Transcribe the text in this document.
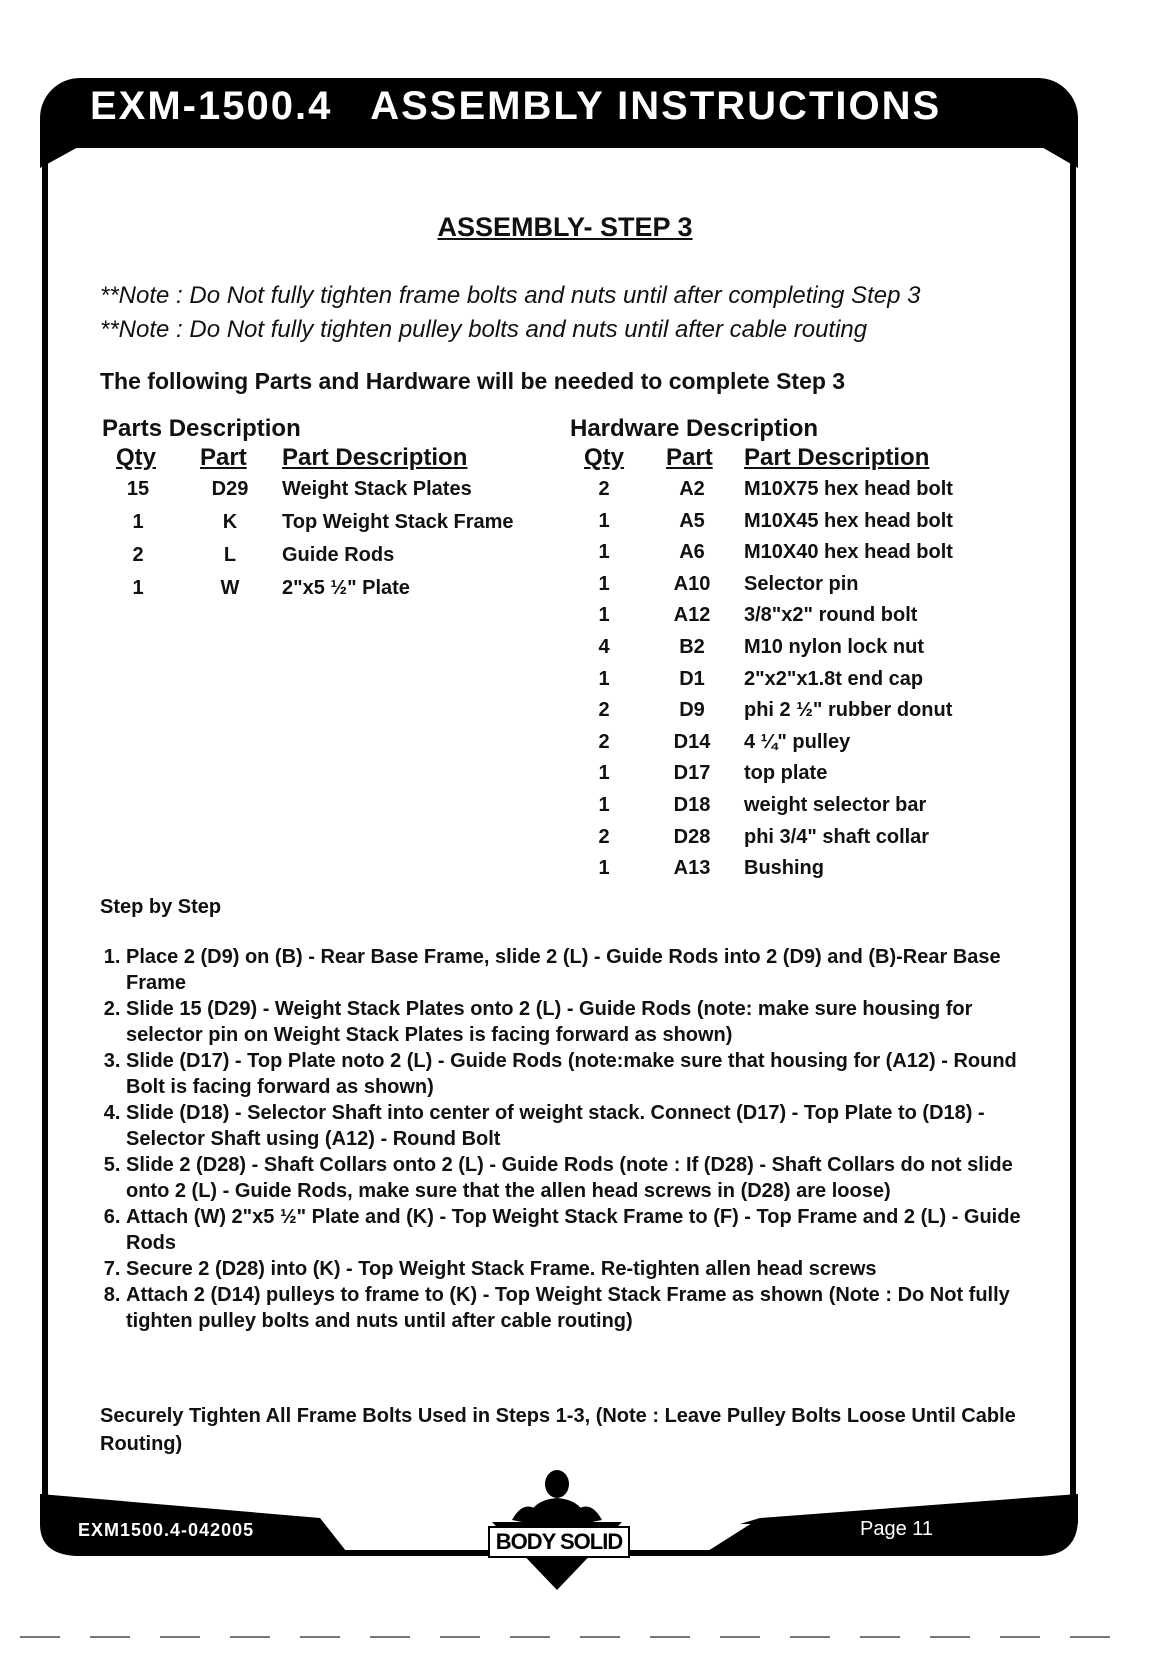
EXM-1500.4   ASSEMBLY INSTRUCTIONS
ASSEMBLY- STEP 3
**Note : Do Not fully tighten frame bolts and nuts until after completing Step 3
**Note : Do Not fully tighten pulley bolts and nuts until after cable routing
The following Parts and Hardware will be needed to complete Step 3
Parts Description
Qty Part Part Description
15	D29	Weight Stack Plates
1	K	Top Weight Stack Frame
2	L	Guide Rods
1	W	2"x5 ½" Plate
Hardware Description
Qty Part Part Description
2	A2	M10X75 hex head bolt
1	A5	M10X45 hex head bolt
1	A6	M10X40 hex head bolt
1	A10	Selector pin
1	A12	3/8"x2" round bolt
4	B2	M10 nylon lock nut
1	D1	2"x2"x1.8t end cap
2	D9	phi 2 ½" rubber donut
2	D14	4 ¼" pulley
1	D17	top plate
1	D18	weight selector bar
2	D28	phi 3/4" shaft collar
1	A13	Bushing
Step by Step
1. Place 2 (D9) on (B) - Rear Base Frame, slide 2 (L) - Guide Rods into 2 (D9) and (B)-Rear Base Frame
2. Slide 15 (D29) - Weight Stack Plates onto 2 (L) - Guide Rods (note: make sure housing for selector pin on Weight Stack Plates is facing forward as shown)
3. Slide (D17) - Top Plate noto 2 (L) - Guide Rods (note:make sure that housing for (A12) - Round Bolt is facing forward as shown)
4. Slide (D18) - Selector Shaft into center of weight stack. Connect (D17) - Top Plate to (D18) - Selector Shaft using (A12) - Round Bolt
5. Slide 2 (D28) - Shaft Collars onto 2 (L) - Guide Rods (note : If (D28) - Shaft Collars do not slide onto 2 (L) - Guide Rods, make sure that the allen head screws in (D28) are loose)
6. Attach (W) 2"x5 ½" Plate and (K) - Top Weight Stack Frame to (F) - Top Frame and 2 (L) - Guide Rods
7. Secure 2 (D28) into (K) - Top Weight Stack Frame. Re-tighten allen head screws
8. Attach 2 (D14) pulleys to frame to (K) - Top Weight Stack Frame as shown (Note : Do Not fully tighten pulley bolts and nuts until after cable routing)
Securely Tighten All Frame Bolts Used in Steps 1-3, (Note : Leave Pulley Bolts Loose Until Cable Routing)
EXM1500.4-042005	Page 11
BODY SOLID
